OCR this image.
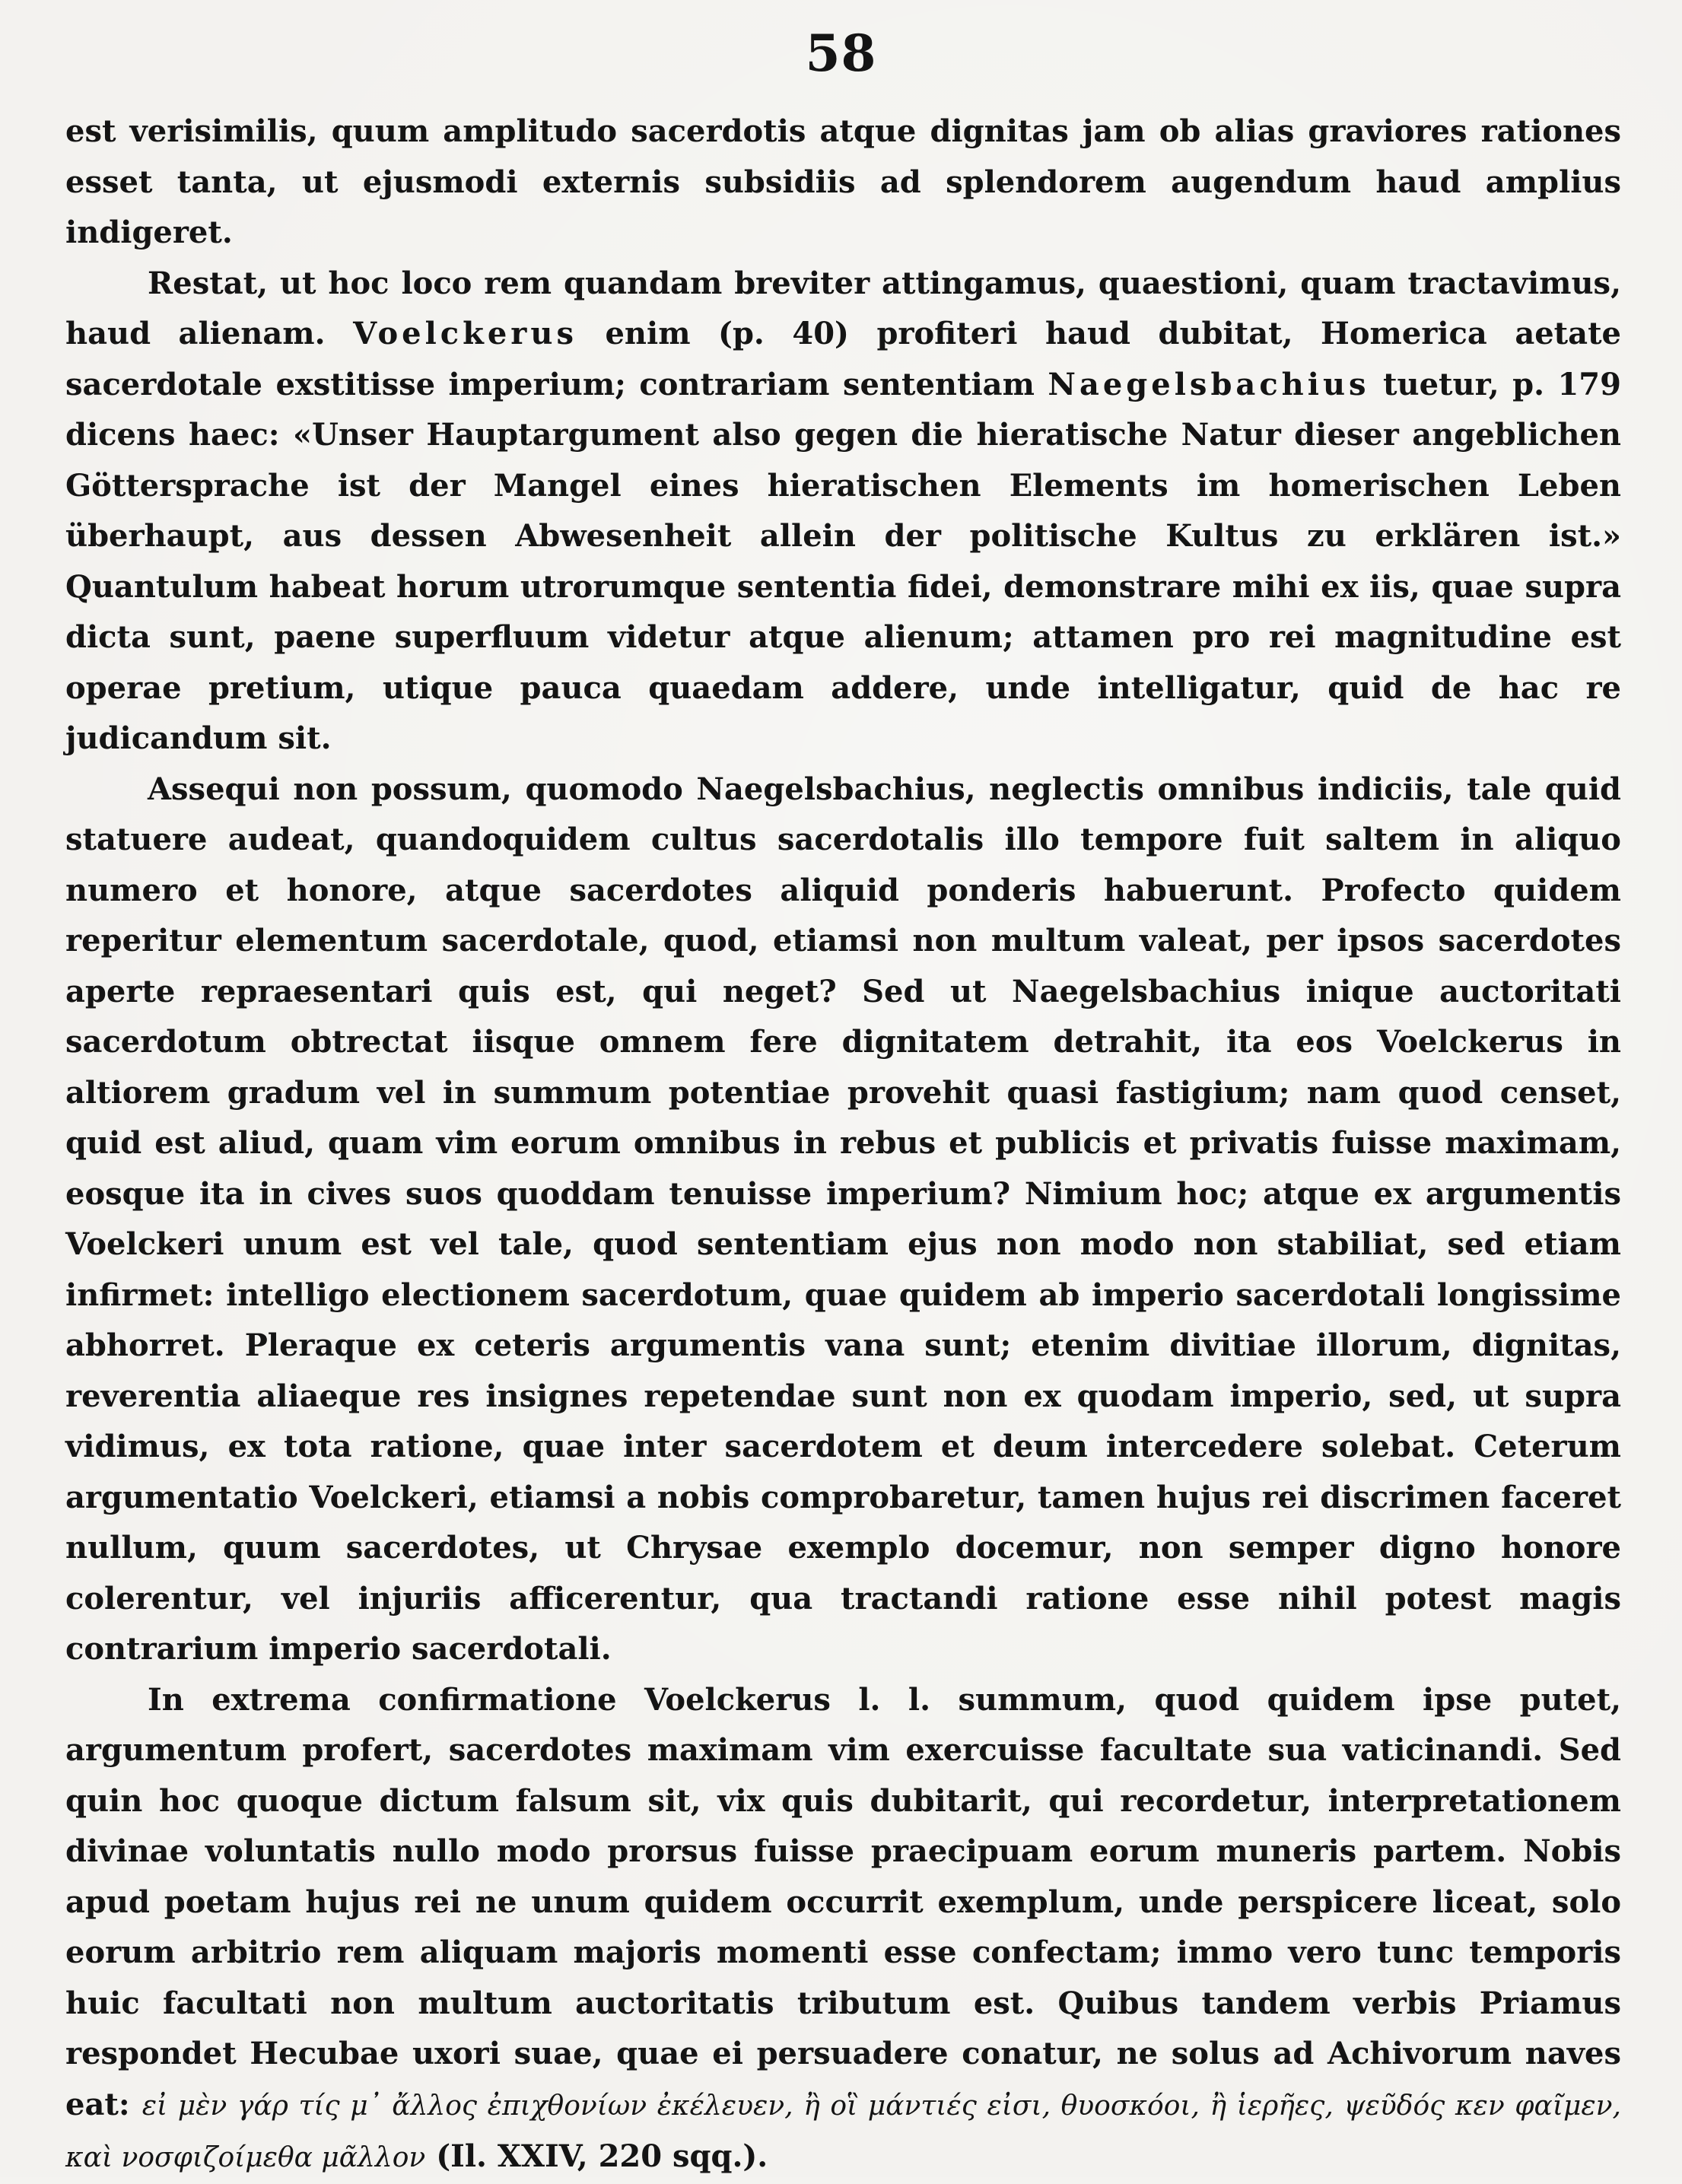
58

est verisimilis, quum amplitudo sacerdotis atque dignitas jam ob alias graviores rationes esset tanta, ut ejusmodi externis subsidiis ad splendorem augendum haud amplius indigeret.

Restat, ut hoc loco rem quandam breviter attingamus, quaestioni, quam tractavimus, haud alienam. Voelckerus enim (p. 40) profiteri haud dubitat, Homerica aetate sacerdotale exstitisse imperium; contrariam sententiam Naegelsbachius tuetur, p. 179 dicens haec: «Unser Hauptargument also gegen die hieratische Natur dieser angeblichen Göttersprache ist der Mangel eines hieratischen Elements im homerischen Leben überhaupt, aus dessen Abwesenheit allein der politische Kultus zu erklären ist.» Quantulum habeat horum utrorumque sententia fidei, demonstrare mihi ex iis, quae supra dicta sunt, paene superfluum videtur atque alienum; attamen pro rei magnitudine est operae pretium, utique pauca quaedam addere, unde intelligatur, quid de hac re judicandum sit.

Assequi non possum, quomodo Naegelsbachius, neglectis omnibus indiciis, tale quid statuere audeat, quandoquidem cultus sacerdotalis illo tempore fuit saltem in aliquo numero et honore, atque sacerdotes aliquid ponderis habuerunt. Profecto quidem reperitur elementum sacerdotale, quod, etiamsi non multum valeat, per ipsos sacerdotes aperte repraesentari quis est, qui neget? Sed ut Naegelsbachius inique auctoritati sacerdotum obtrectat iisque omnem fere dignitatem detrahit, ita eos Voelckerus in altiorem gradum vel in summum potentiae provehit quasi fastigium; nam quod censet, quid est aliud, quam vim eorum omnibus in rebus et publicis et privatis fuisse maximam, eosque ita in cives suos quoddam tenuisse imperium? Nimium hoc; atque ex argumentis Voelckeri unum est vel tale, quod sententiam ejus non modo non stabiliat, sed etiam infirmet: intelligo electionem sacerdotum, quae quidem ab imperio sacerdotali longissime abhorret. Pleraque ex ceteris argumentis vana sunt; etenim divitiae illorum, dignitas, reverentia aliaeque res insignes repetendae sunt non ex quodam imperio, sed, ut supra vidimus, ex tota ratione, quae inter sacerdotem et deum intercedere solebat. Ceterum argumentatio Voelckeri, etiamsi a nobis comprobaretur, tamen hujus rei discrimen faceret nullum, quum sacerdotes, ut Chrysae exemplo docemur, non semper digno honore colerentur, vel injuriis afficerentur, qua tractandi ratione esse nihil potest magis contrarium imperio sacerdotali.

In extrema confirmatione Voelckerus l. l. summum, quod quidem ipse putet, argumentum profert, sacerdotes maximam vim exercuisse facultate sua vaticinandi. Sed quin hoc quoque dictum falsum sit, vix quis dubitarit, qui recordetur, interpretationem divinae voluntatis nullo modo prorsus fuisse praecipuam eorum muneris partem. Nobis apud poetam hujus rei ne unum quidem occurrit exemplum, unde perspicere liceat, solo eorum arbitrio rem aliquam majoris momenti esse confectam; immo vero tunc temporis huic facultati non multum auctoritatis tributum est. Quibus tandem verbis Priamus respondet Hecubae uxori suae, quae ei persuadere conatur, ne solus ad Achivorum naves eat: εἰ μὲν γάρ τίς μ᾽ ἄλλος ἐπιχθονίων ἐκέλευεν, ἢ οἳ μάντιές εἰσι, θυοσκόοι, ἢ ἱερῆες, ψεῦδός κεν φαῖμεν, καὶ νοσφιζοίμεθα μᾶλλον (Il. XXIV, 220 sqq.).
